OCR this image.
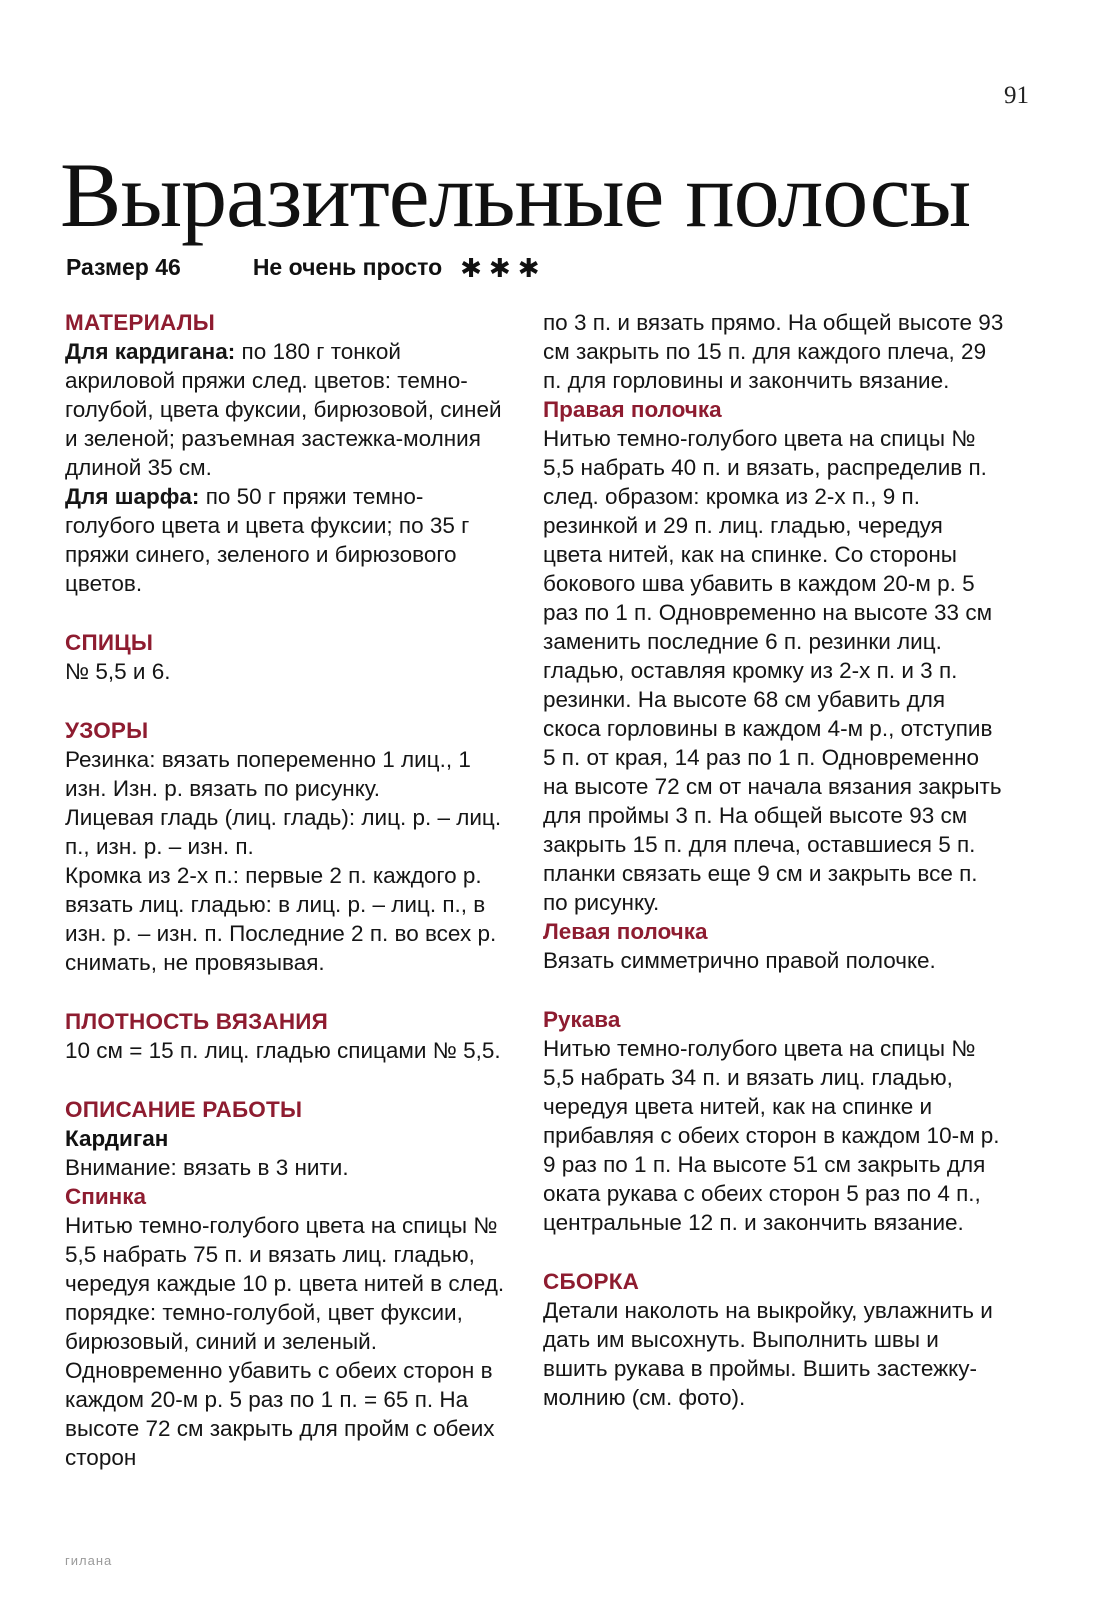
91
Выразительные полосы
Размер 46	Не очень просто ✱✱✱
МАТЕРИАЛЫ
Для кардигана: по 180 г тонкой акриловой пряжи след. цветов: темно-голубой, цвета фуксии, бирюзовой, синей и зеленой; разъемная застежка-молния длиной 35 см.
Для шарфа: по 50 г пряжи темно-голубого цвета и цвета фуксии; по 35 г пряжи синего, зеленого и бирюзового цветов.
СПИЦЫ
№ 5,5 и 6.
УЗОРЫ
Резинка: вязать попеременно 1 лиц., 1 изн. Изн. р. вязать по рисунку.
Лицевая гладь (лиц. гладь): лиц. р. – лиц. п., изн. р. – изн. п.
Кромка из 2-х п.: первые 2 п. каждого р. вязать лиц. гладью: в лиц. р. – лиц. п., в изн. р. – изн. п. Последние 2 п. во всех р. снимать, не провязывая.
ПЛОТНОСТЬ ВЯЗАНИЯ
10 см = 15 п. лиц. гладью спицами № 5,5.
ОПИСАНИЕ РАБОТЫ
Кардиган
Внимание: вязать в 3 нити.
Спинка
Нитью темно-голубого цвета на спицы № 5,5 набрать 75 п. и вязать лиц. гладью, чередуя каждые 10 р. цвета нитей в след. порядке: темно-голубой, цвет фуксии, бирюзовый, синий и зеленый. Одновременно убавить с обеих сторон в каждом 20-м р. 5 раз по 1 п. = 65 п. На высоте 72 см закрыть для пройм с обеих сторон
по 3 п. и вязать прямо. На общей высоте 93 см закрыть по 15 п. для каждого плеча, 29 п. для горловины и закончить вязание.
Правая полочка
Нитью темно-голубого цвета на спицы № 5,5 набрать 40 п. и вязать, распределив п. след. образом: кромка из 2-х п., 9 п. резинкой и 29 п. лиц. гладью, чередуя цвета нитей, как на спинке. Со стороны бокового шва убавить в каждом 20-м р. 5 раз по 1 п. Одновременно на высоте 33 см заменить последние 6 п. резинки лиц. гладью, оставляя кромку из 2-х п. и 3 п. резинки. На высоте 68 см убавить для скоса горловины в каждом 4-м р., отступив 5 п. от края, 14 раз по 1 п. Одновременно на высоте 72 см от начала вязания закрыть для проймы 3 п. На общей высоте 93 см закрыть 15 п. для плеча, оставшиеся 5 п. планки связать еще 9 см и закрыть все п. по рисунку.
Левая полочка
Вязать симметрично правой полочке.
Рукава
Нитью темно-голубого цвета на спицы № 5,5 набрать 34 п. и вязать лиц. гладью, чередуя цвета нитей, как на спинке и прибавляя с обеих сторон в каждом 10-м р. 9 раз по 1 п. На высоте 51 см закрыть для оката рукава с обеих сторон 5 раз по 4 п., центральные 12 п. и закончить вязание.
СБОРКА
Детали наколоть на выкройку, увлажнить и дать им высохнуть. Выполнить швы и вшить рукава в проймы. Вшить застежку-молнию (см. фото).
гилана
